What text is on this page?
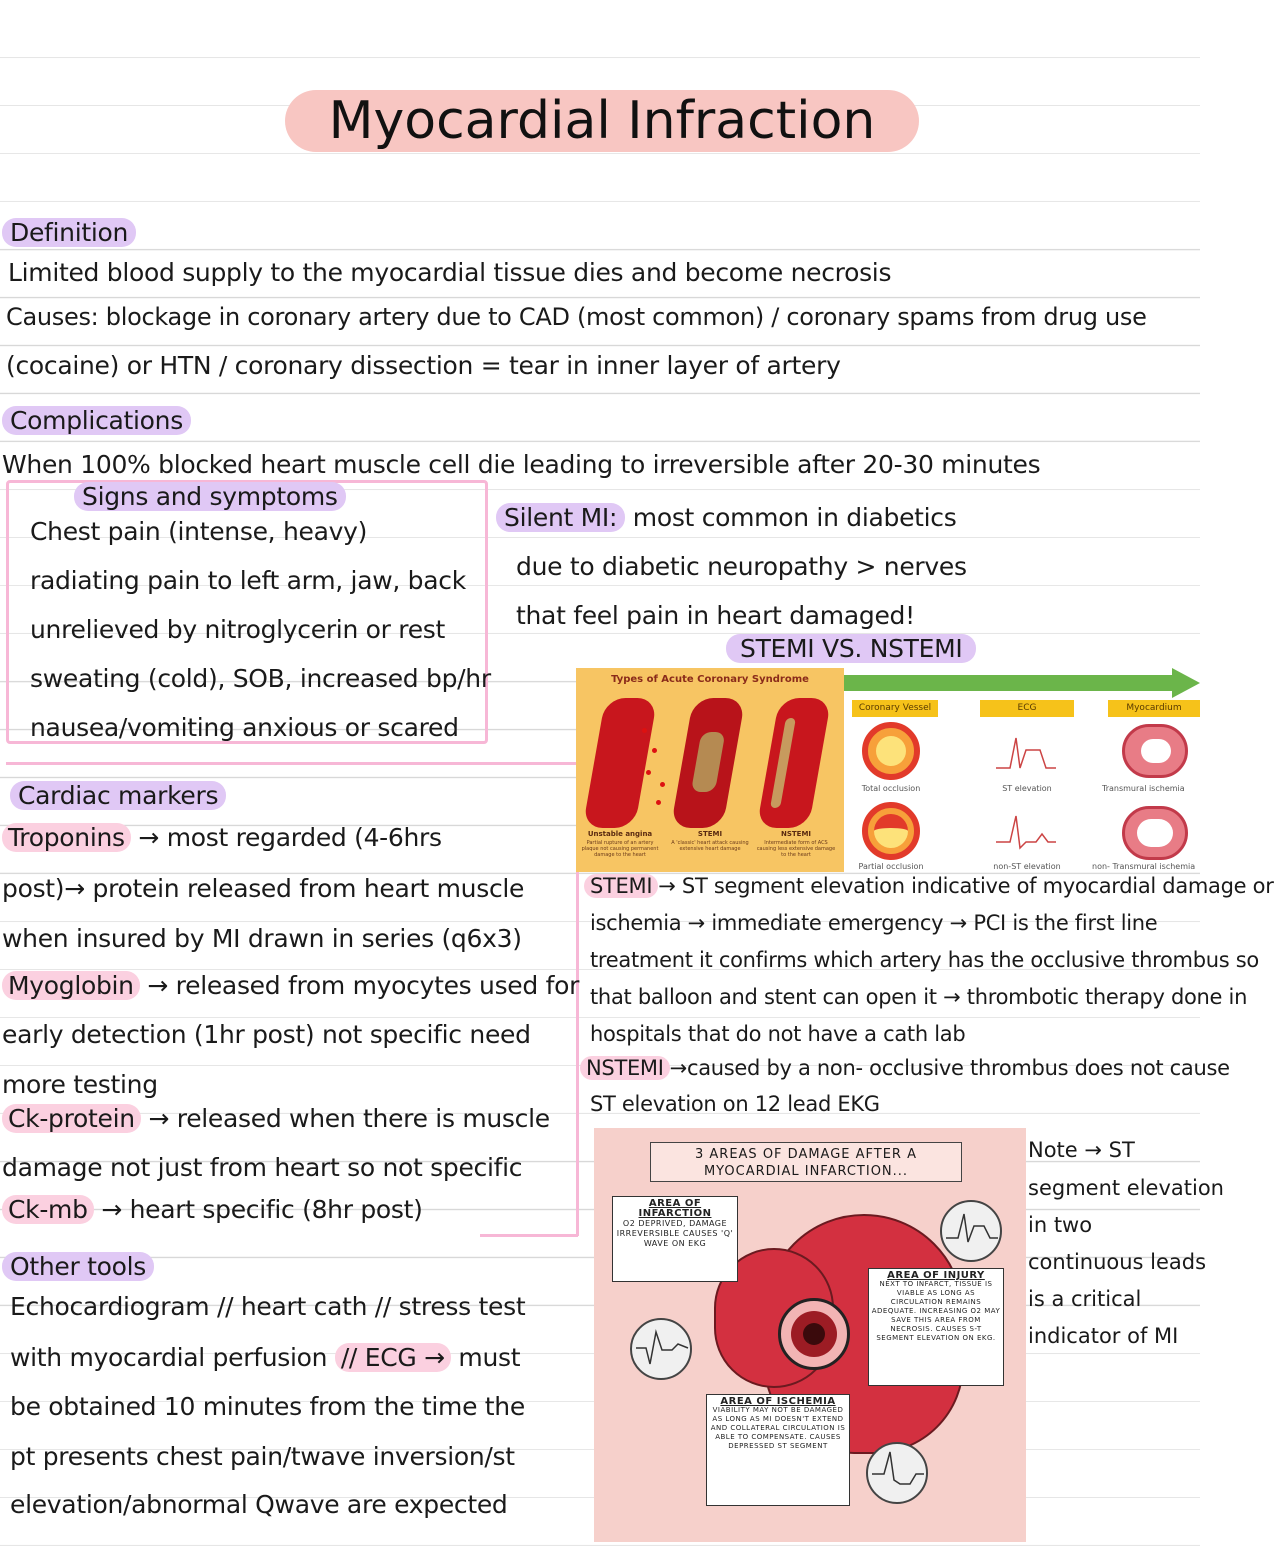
Myocardial Infraction
Definition
Limited blood supply to the myocardial tissue dies and become necrosis
Causes: blockage in coronary artery due to CAD (most common) / coronary spams from drug use
(cocaine) or HTN / coronary dissection = tear in inner layer of artery
Complications
When 100% blocked heart muscle cell die leading to irreversible after 20-30 minutes
Signs and symptoms
Chest pain (intense, heavy)
radiating pain to left arm, jaw, back
unrelieved by nitroglycerin or rest
sweating (cold), SOB, increased bp/hr
nausea/vomiting anxious or scared
Silent MI: most common in diabetics
due to diabetic neuropathy > nerves
that feel pain in heart damaged!
STEMI VS. NSTEMI
Types of Acute Coronary Syndrome
Unstable angina
Partial rupture of an artery plaque not causing permanent damage to the heart
STEMI
A 'classic' heart attack causing extensive heart damage
NSTEMI
Intermediate form of ACS causing less extensive damage to the heart
Coronary Vessel	ECG	Myocardium
Total occlusion	ST elevation	Transmural ischemia
Partial occlusion	non-ST elevation	non- Transmural ischemia
STEMI → ST segment elevation indicative of myocardial damage or
ischemia → immediate emergency → PCI is the first line
treatment it confirms which artery has the occlusive thrombus so
that balloon and stent can open it → thrombotic therapy done in
hospitals that do not have a cath lab
NSTEMI →caused by a non- occlusive thrombus does not cause
ST elevation on 12 lead EKG
Cardiac markers
Troponins → most regarded (4-6hrs
post)→ protein released from heart muscle
when insured by MI drawn in series (q6x3)
Myoglobin → released from myocytes used for
early detection (1hr post) not specific need
more testing
Ck-protein → released when there is muscle
damage not just from heart so not specific
Ck-mb → heart specific (8hr post)
Other tools
Echocardiogram // heart cath // stress test
with myocardial perfusion // ECG → must
be obtained 10 minutes from the time the
pt presents chest pain/twave inversion/st
elevation/abnormal Qwave are expected
3 AREAS OF DAMAGE AFTER A MYOCARDIAL INFARCTION...
AREA OF INFARCTION
O2 DEPRIVED, DAMAGE IRREVERSIBLE CAUSES 'Q' WAVE ON EKG
AREA OF INJURY
NEXT TO INFARCT, TISSUE IS VIABLE AS LONG AS CIRCULATION REMAINS ADEQUATE. INCREASING O2 MAY SAVE THIS AREA FROM NECROSIS. CAUSES S-T SEGMENT ELEVATION ON EKG.
AREA OF ISCHEMIA
VIABILITY MAY NOT BE DAMAGED AS LONG AS MI DOESN'T EXTEND AND COLLATERAL CIRCULATION IS ABLE TO COMPENSATE. CAUSES DEPRESSED ST SEGMENT
Note → ST
segment elevation
in two
continuous leads
is a critical
indicator of MI
